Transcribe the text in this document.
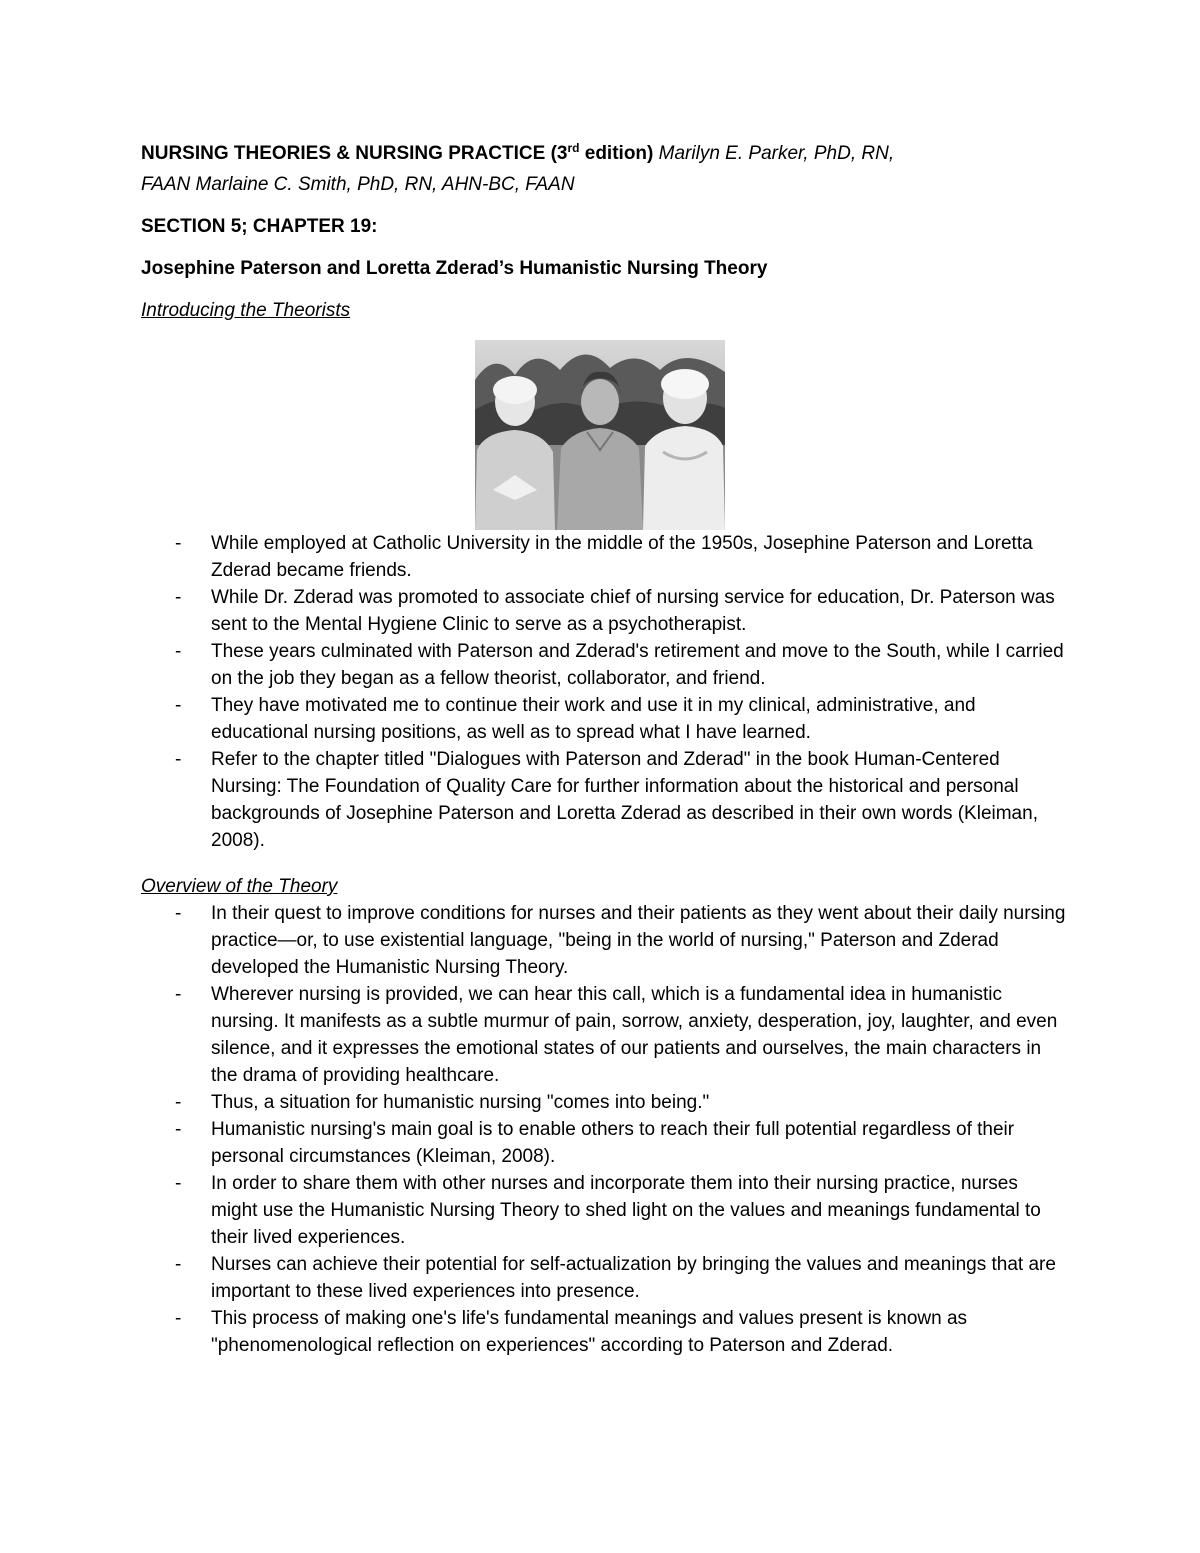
NURSING THEORIES & NURSING PRACTICE (3rd edition) Marilyn E. Parker, PhD, RN,
FAAN Marlaine C. Smith, PhD, RN, AHN-BC, FAAN

SECTION 5; CHAPTER 19:

Josephine Paterson and Loretta Zderad’s Humanistic Nursing Theory

Introducing the Theorists

- While employed at Catholic University in the middle of the 1950s, Josephine Paterson and Loretta Zderad became friends.
- While Dr. Zderad was promoted to associate chief of nursing service for education, Dr. Paterson was sent to the Mental Hygiene Clinic to serve as a psychotherapist.
- These years culminated with Paterson and Zderad's retirement and move to the South, while I carried on the job they began as a fellow theorist, collaborator, and friend.
- They have motivated me to continue their work and use it in my clinical, administrative, and educational nursing positions, as well as to spread what I have learned.
- Refer to the chapter titled "Dialogues with Paterson and Zderad" in the book Human-Centered Nursing: The Foundation of Quality Care for further information about the historical and personal backgrounds of Josephine Paterson and Loretta Zderad as described in their own words (Kleiman, 2008).

Overview of the Theory

- In their quest to improve conditions for nurses and their patients as they went about their daily nursing practice—or, to use existential language, "being in the world of nursing," Paterson and Zderad developed the Humanistic Nursing Theory.
- Wherever nursing is provided, we can hear this call, which is a fundamental idea in humanistic nursing. It manifests as a subtle murmur of pain, sorrow, anxiety, desperation, joy, laughter, and even silence, and it expresses the emotional states of our patients and ourselves, the main characters in the drama of providing healthcare.
- Thus, a situation for humanistic nursing "comes into being."
- Humanistic nursing's main goal is to enable others to reach their full potential regardless of their personal circumstances (Kleiman, 2008).
- In order to share them with other nurses and incorporate them into their nursing practice, nurses might use the Humanistic Nursing Theory to shed light on the values and meanings fundamental to their lived experiences.
- Nurses can achieve their potential for self-actualization by bringing the values and meanings that are important to these lived experiences into presence.
- This process of making one's life's fundamental meanings and values present is known as "phenomenological reflection on experiences" according to Paterson and Zderad.
